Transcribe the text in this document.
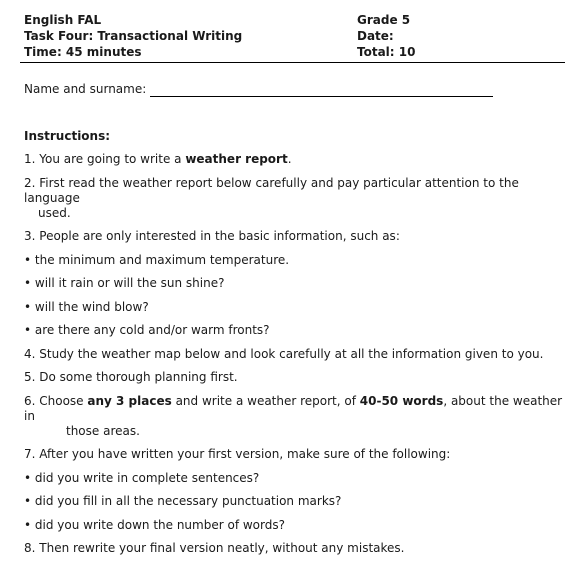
English FAL
Task Four: Transactional Writing
Time: 45 minutes
Grade 5
Date:
Total: 10
Name and surname:
Instructions:
1. You are going to write a weather report.
2. First read the weather report below carefully and pay particular attention to the language
used.
3. People are only interested in the basic information, such as:
• the minimum and maximum temperature.
• will it rain or will the sun shine?
• will the wind blow?
• are there any cold and/or warm fronts?
4. Study the weather map below and look carefully at all the information given to you.
5. Do some thorough planning first.
6. Choose any 3 places and write a weather report, of 40-50 words, about the weather in
those areas.
7. After you have written your first version, make sure of the following:
• did you write in complete sentences?
• did you fill in all the necessary punctuation marks?
• did you write down the number of words?
8. Then rewrite your final version neatly, without any mistakes.
